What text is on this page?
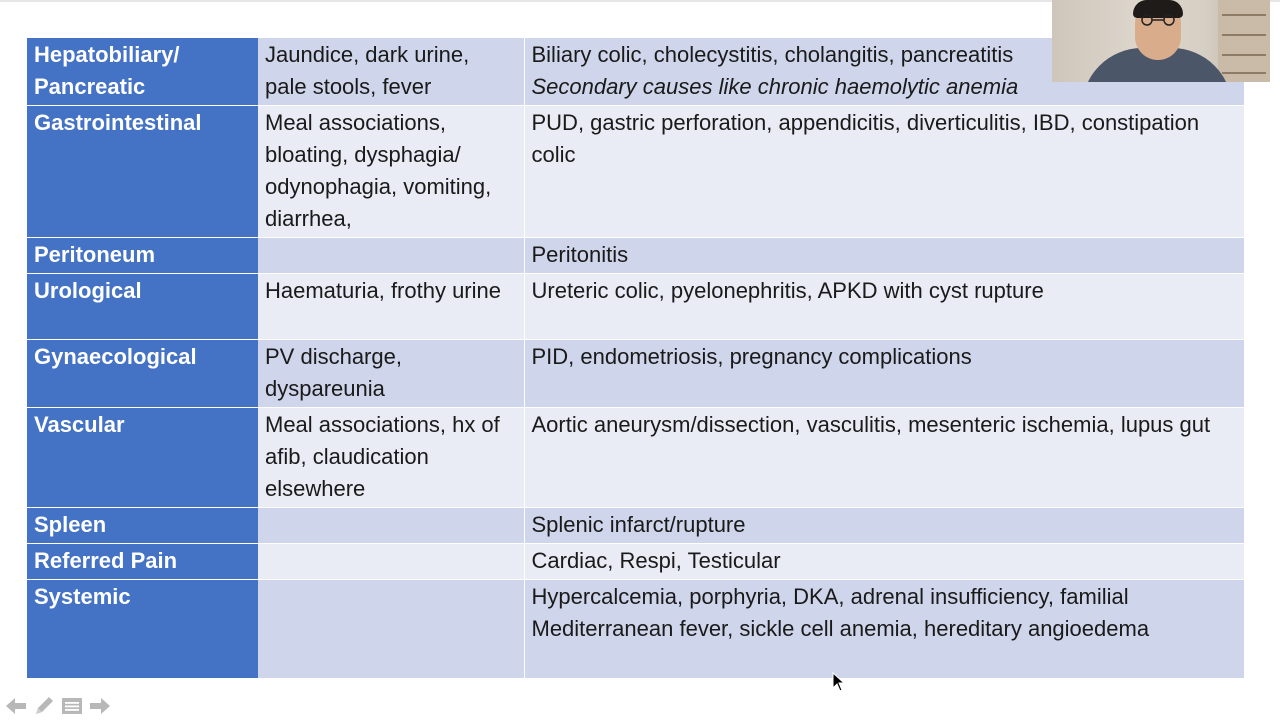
Hepatobiliary/ Pancreatic	Jaundice, dark urine, pale stools, fever	Biliary colic, cholecystitis, cholangitis, pancreatitis
Secondary causes like chronic haemolytic anemia

Gastrointestinal	Meal associations, bloating, dysphagia/ odynophagia, vomiting, diarrhea,	PUD, gastric perforation, appendicitis, diverticulitis, IBD, constipation colic
Peritoneum		Peritonitis
Urological	Haematuria, frothy urine	Ureteric colic, pyelonephritis, APKD with cyst rupture
Gynaecological	PV discharge, dyspareunia	PID, endometriosis, pregnancy complications
Vascular	Meal associations, hx of afib, claudication elsewhere	Aortic aneurysm/dissection, vasculitis, mesenteric ischemia, lupus gut
Spleen		Splenic infarct/rupture
Referred Pain		Cardiac, Respi, Testicular
Systemic		Hypercalcemia, porphyria, DKA, adrenal insufficiency, familial Mediterranean fever, sickle cell anemia, hereditary angioedema
